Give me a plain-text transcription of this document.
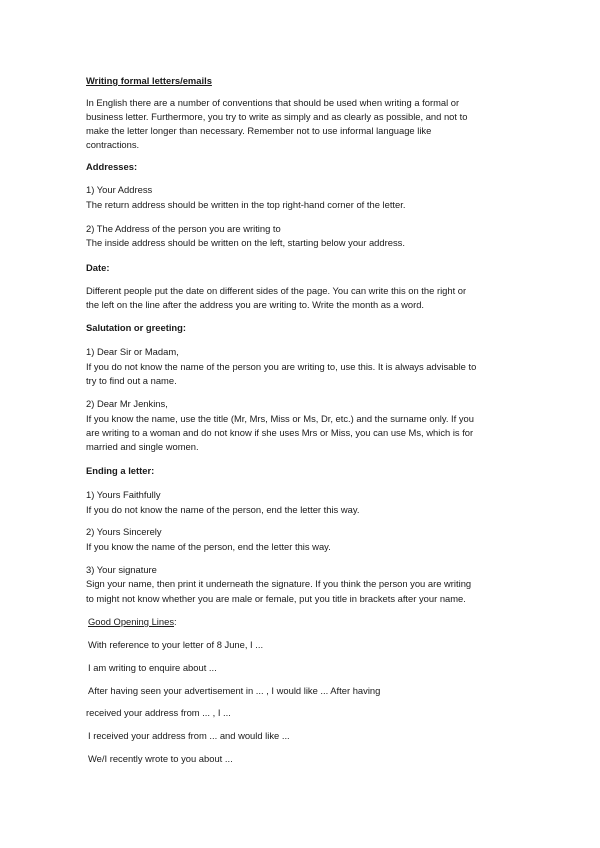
Writing formal letters/emails
In English there are a number of conventions that should be used when writing a formal or
business letter. Furthermore, you try to write as simply and as clearly as possible, and not to
make the letter longer than necessary. Remember not to use informal language like
contractions.
Addresses:
1) Your Address
The return address should be written in the top right-hand corner of the letter.
2) The Address of the person you are writing to
The inside address should be written on the left, starting below your address.
Date:
Different people put the date on different sides of the page. You can write this on the right or
the left on the line after the address you are writing to. Write the month as a word.
Salutation or greeting:
1) Dear Sir or Madam,
If you do not know the name of the person you are writing to, use this. It is always advisable to
try to find out a name.
2) Dear Mr Jenkins,
If you know the name, use the title (Mr, Mrs, Miss or Ms, Dr, etc.) and the surname only. If you
are writing to a woman and do not know if she uses Mrs or Miss, you can use Ms, which is for
married and single women.
Ending a letter:
1) Yours Faithfully
If you do not know the name of the person, end the letter this way.
2) Yours Sincerely
If you know the name of the person, end the letter this way.
3) Your signature
Sign your name, then print it underneath the signature. If you think the person you are writing
to might not know whether you are male or female, put you title in brackets after your name.
Good Opening Lines:
With reference to your letter of 8 June, I ...
I am writing to enquire about ...
After having seen your advertisement in ... , I would like ... After having
received your address from ... , I ...
I received your address from ... and would like ...
We/I recently wrote to you about ...
